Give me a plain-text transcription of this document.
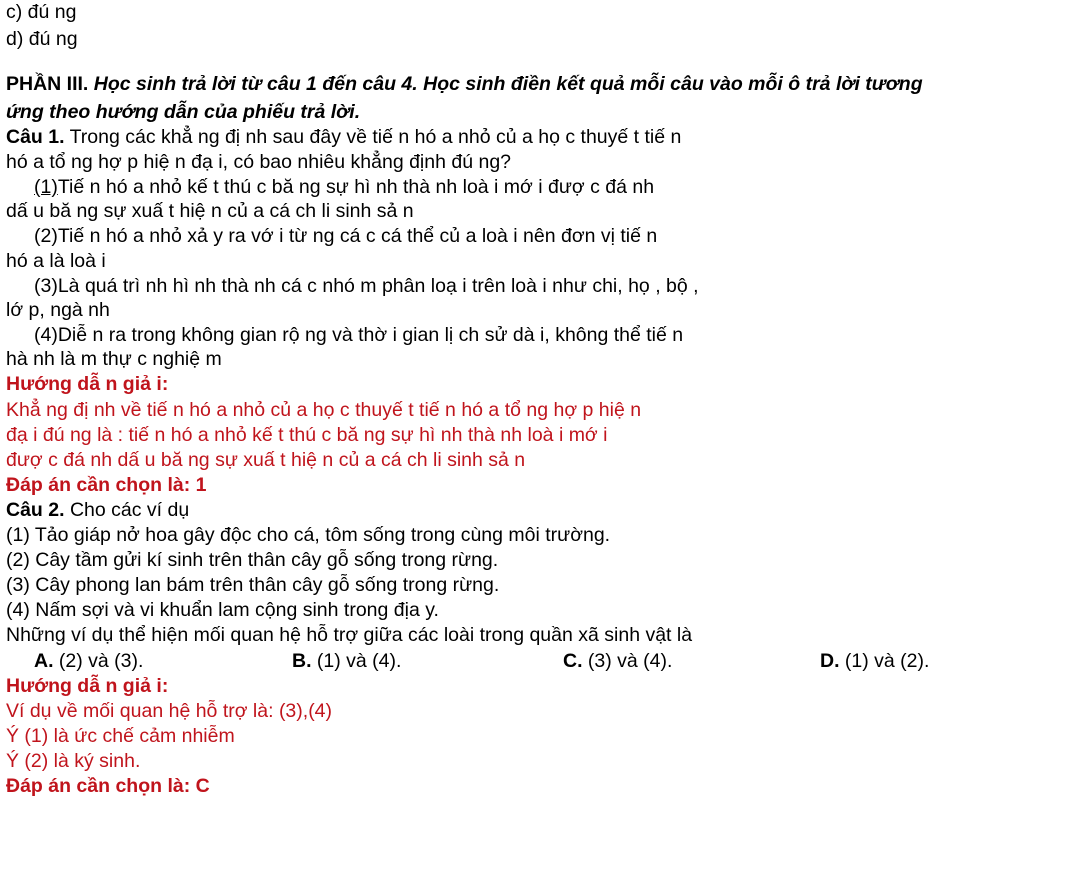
c) đú ng
d) đú ng
PHẦN III. Học sinh trả lời từ câu 1 đến câu 4. Học sinh điền kết quả mỗi câu vào mỗi ô trả lời tương
ứng theo hướng dẫn của phiếu trả lời.
Câu 1. Trong các khẳ ng đị nh sau đây về tiế n hó a nhỏ củ a họ c thuyế t tiế n
hó a tổ ng hợ p hiệ n đạ i, có bao nhiêu khẳng định đú ng?
(1)Tiế n hó a nhỏ kế t thú c bă ng sự hì nh thà nh loà i mớ i đượ c đá nh
dấ u bă ng sự xuấ t hiệ n củ a cá ch li sinh sả n
(2)Tiế n hó a nhỏ xả y ra vớ i từ ng cá c cá thể củ a loà i nên đơn vị tiế n
hó a là loà i
(3)Là quá trì nh hì nh thà nh cá c nhó m phân loạ i trên loà i như chi, họ , bộ ,
lớ p, ngà nh
(4)Diễ n ra trong không gian rộ ng và thờ i gian lị ch sử dà i, không thể tiế n
hà nh là m thự c nghiệ m
Hướng dẫ n giả i:
Khẳ ng đị nh về tiế n hó a nhỏ củ a họ c thuyế t tiế n hó a tổ ng hợ p hiệ n
đạ i đú ng là : tiế n hó a nhỏ kế t thú c bă ng sự hì nh thà nh loà i mớ i
đượ c đá nh dấ u bă ng sự xuấ t hiệ n củ a cá ch li sinh sả n
Đáp án cần chọn là: 1
Câu 2. Cho các ví dụ
(1) Tảo giáp nở hoa gây độc cho cá, tôm sống trong cùng môi trường.
(2) Cây tầm gửi kí sinh trên thân cây gỗ sống trong rừng.
(3) Cây phong lan bám trên thân cây gỗ sống trong rừng.
(4) Nấm sợi và vi khuẩn lam cộng sinh trong địa y.
Những ví dụ thể hiện mối quan hệ hỗ trợ giữa các loài trong quần xã sinh vật là
A. (2) và (3).	B. (1) và (4).	C. (3) và (4).	D. (1) và (2).
Hướng dẫ n giả i:
Ví dụ về mối quan hệ hỗ trợ là: (3),(4)
Ý (1) là ức chế cảm nhiễm
Ý (2) là ký sinh.
Đáp án cần chọn là: C
